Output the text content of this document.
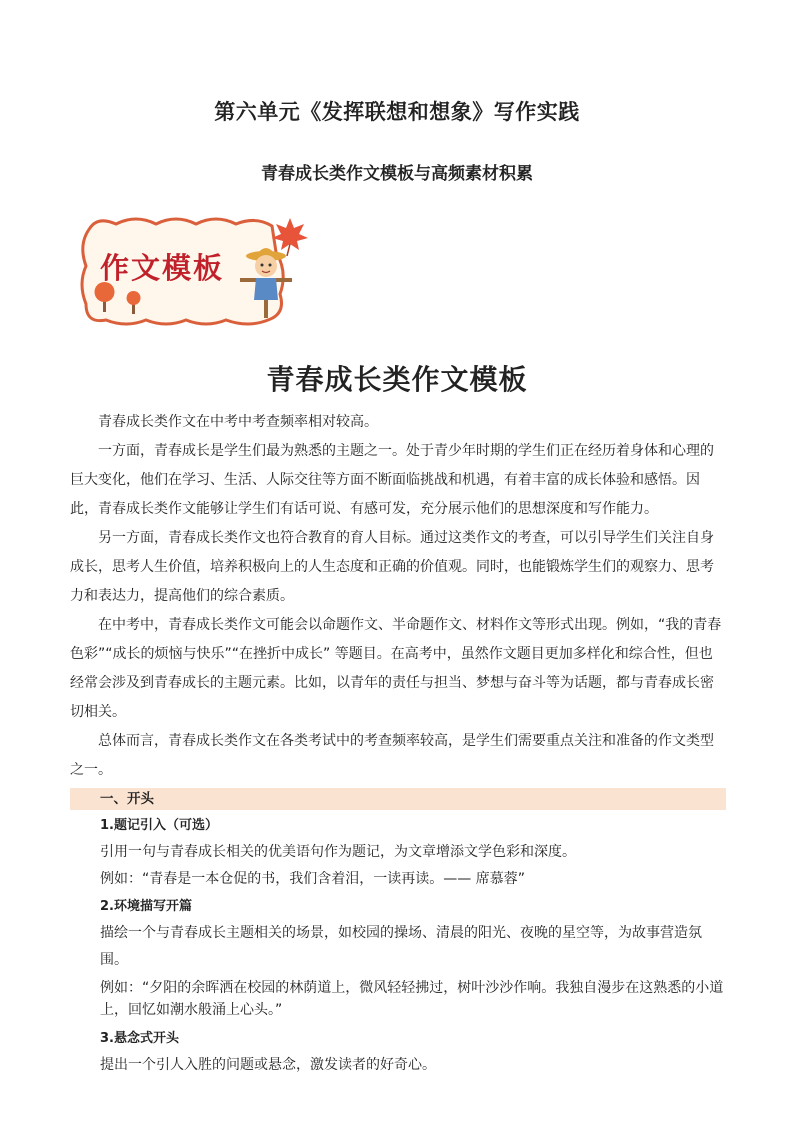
第六单元《发挥联想和想象》写作实践
青春成长类作文模板与高频素材积累
作文模板
青春成长类作文模板

青春成长类作文在中考中考查频率相对较高。

一方面，青春成长是学生们最为熟悉的主题之一。处于青少年时期的学生们正在经历着身体和心理的巨大变化，他们在学习、生活、人际交往等方面不断面临挑战和机遇，有着丰富的成长体验和感悟。因此，青春成长类作文能够让学生们有话可说、有感可发，充分展示他们的思想深度和写作能力。

另一方面，青春成长类作文也符合教育的育人目标。通过这类作文的考查，可以引导学生们关注自身成长，思考人生价值，培养积极向上的人生态度和正确的价值观。同时，也能锻炼学生们的观察力、思考力和表达力，提高他们的综合素质。

在中考中，青春成长类作文可能会以命题作文、半命题作文、材料作文等形式出现。例如，“我的青春色彩”“成长的烦恼与快乐”“在挫折中成长” 等题目。在高考中，虽然作文题目更加多样化和综合性，但也经常会涉及到青春成长的主题元素。比如，以青年的责任与担当、梦想与奋斗等为话题，都与青春成长密切相关。

总体而言，青春成长类作文在各类考试中的考查频率较高，是学生们需要重点关注和准备的作文类型之一。

一、开头

1.题记引入（可选）

引用一句与青春成长相关的优美语句作为题记，为文章增添文学色彩和深度。

例如：“青春是一本仓促的书，我们含着泪，一读再读。—— 席慕蓉”

2.环境描写开篇

描绘一个与青春成长主题相关的场景，如校园的操场、清晨的阳光、夜晚的星空等，为故事营造氛围。

例如：“夕阳的余晖洒在校园的林荫道上，微风轻轻拂过，树叶沙沙作响。我独自漫步在这熟悉的小道上，回忆如潮水般涌上心头。”

3.悬念式开头

提出一个引人入胜的问题或悬念，激发读者的好奇心。
